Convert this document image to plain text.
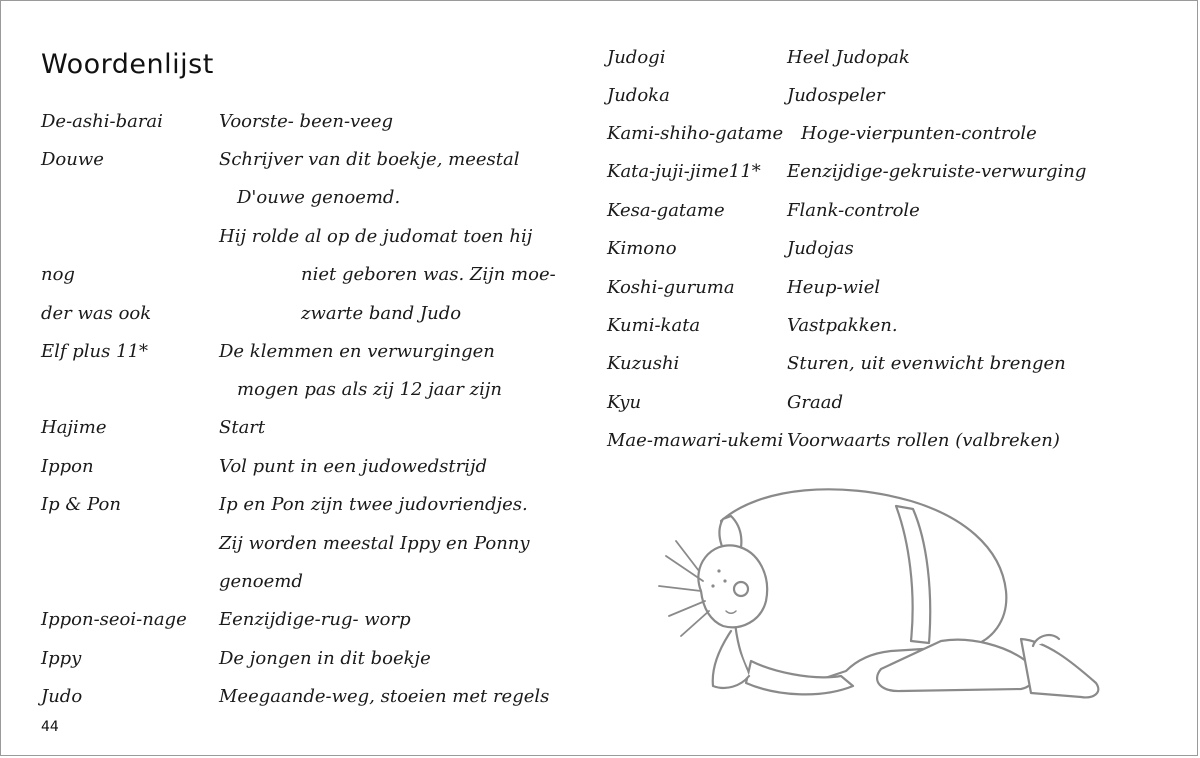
Woordenlijst
De-ashi-barai	Voorste- been-veeg
Douwe	Schrijver van dit boekje, meestal
D'ouwe genoemd.
Hij rolde al op de judomat toen hij
nog	niet geboren was. Zijn moe-
der was ook	zwarte band Judo
Elf plus 11*	De klemmen en verwurgingen
mogen pas als zij 12 jaar zijn
Hajime	Start
Ippon	Vol punt in een judowedstrijd
Ip & Pon	Ip en Pon zijn twee judovriendjes.
Zij worden meestal Ippy en Ponny
genoemd
Ippon-seoi-nage Eenzijdige-rug- worp
Ippy	De jongen in dit boekje
Judo	Meegaande-weg, stoeien met regels
44
Judogi	Heel Judopak
Judoka	Judospeler
Kami-shiho-gatame Hoge-vierpunten-controle
Kata-juji-jime11* Eenzijdige-gekruiste-verwurging
Kesa-gatame	Flank-controle
Kimono	Judojas
Koshi-guruma	Heup-wiel
Kumi-kata	Vastpakken.
Kuzushi	Sturen, uit evenwicht brengen
Kyu	Graad
Mae-mawari-ukemi Voorwaarts rollen (valbreken)
